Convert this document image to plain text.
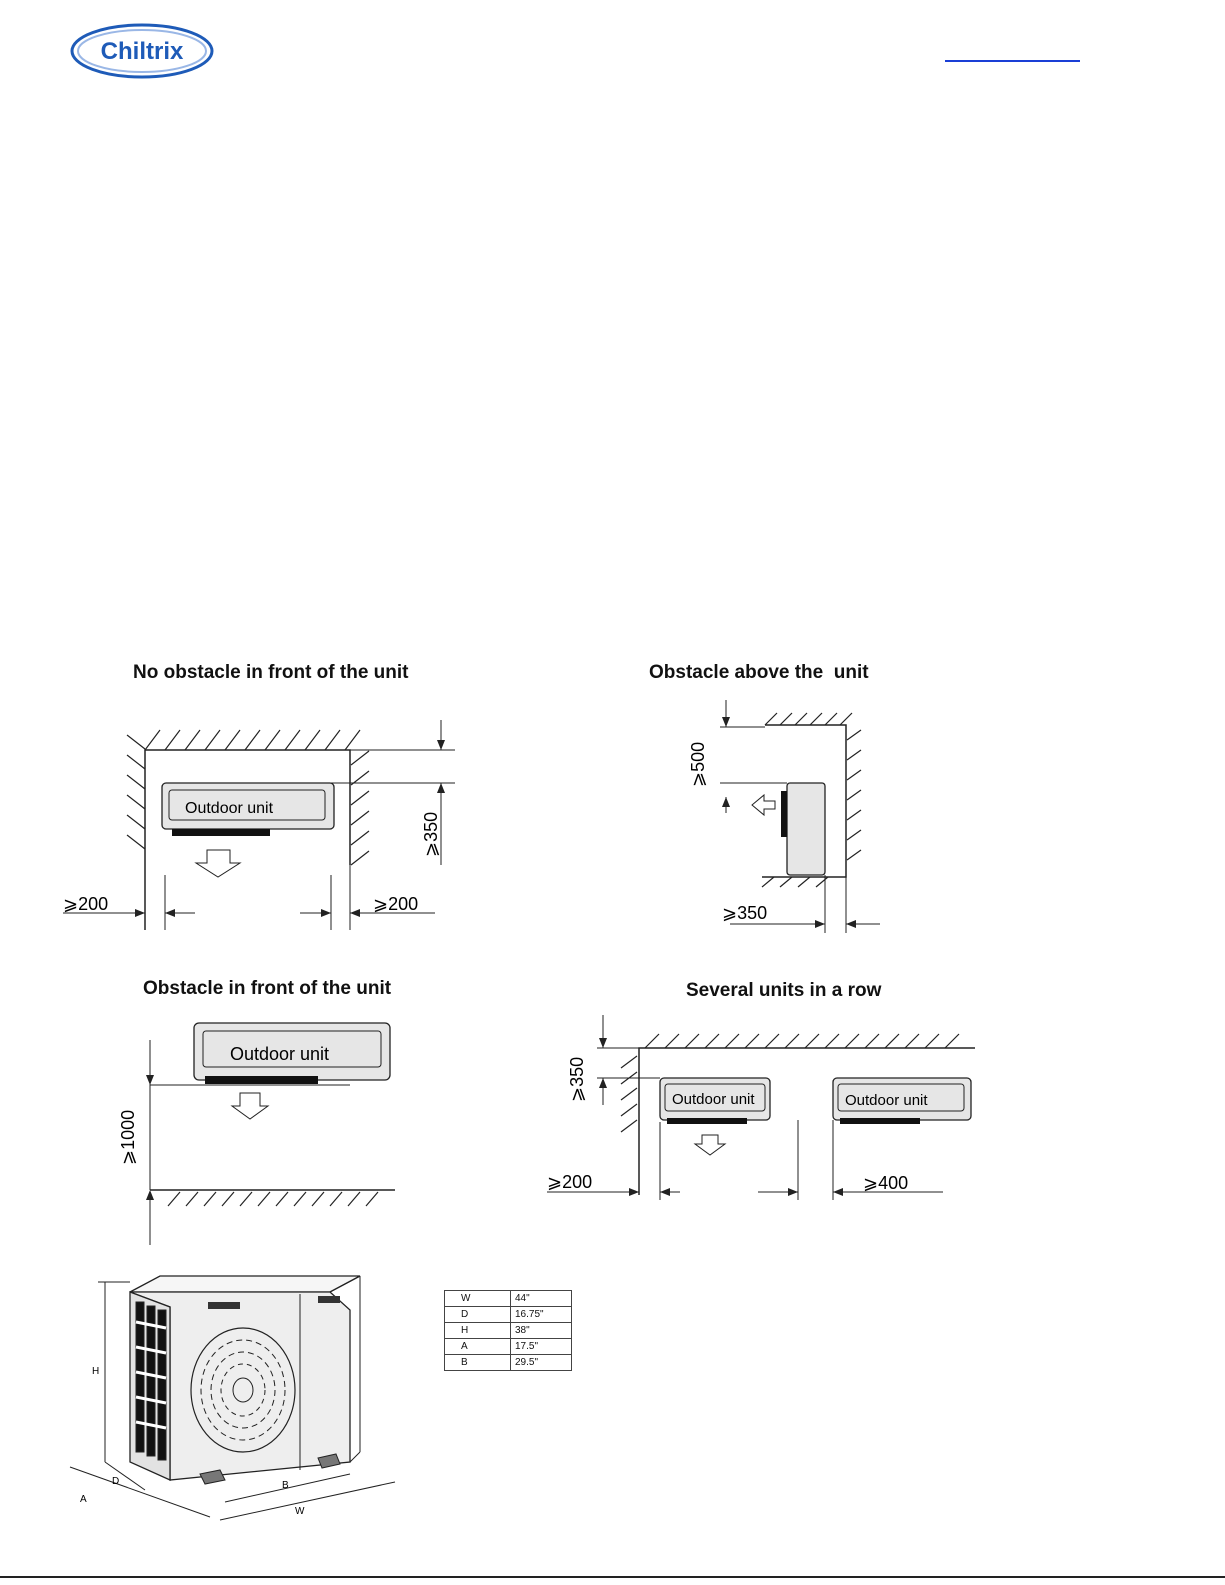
Chiltrix
No obstacle in front of the unit
Outdoor unit
⩾350
⩾200	⩾200
Obstacle above the  unit
⩾500
⩾350
Obstacle in front of the unit
Outdoor unit
⩾1000
Several units in a row
Outdoor unit	Outdoor unit
⩾350
⩾200	⩾400
H
A
D	B
W
W	44"
D	16.75"
H	38"
A	17.5"
B	29.5"
